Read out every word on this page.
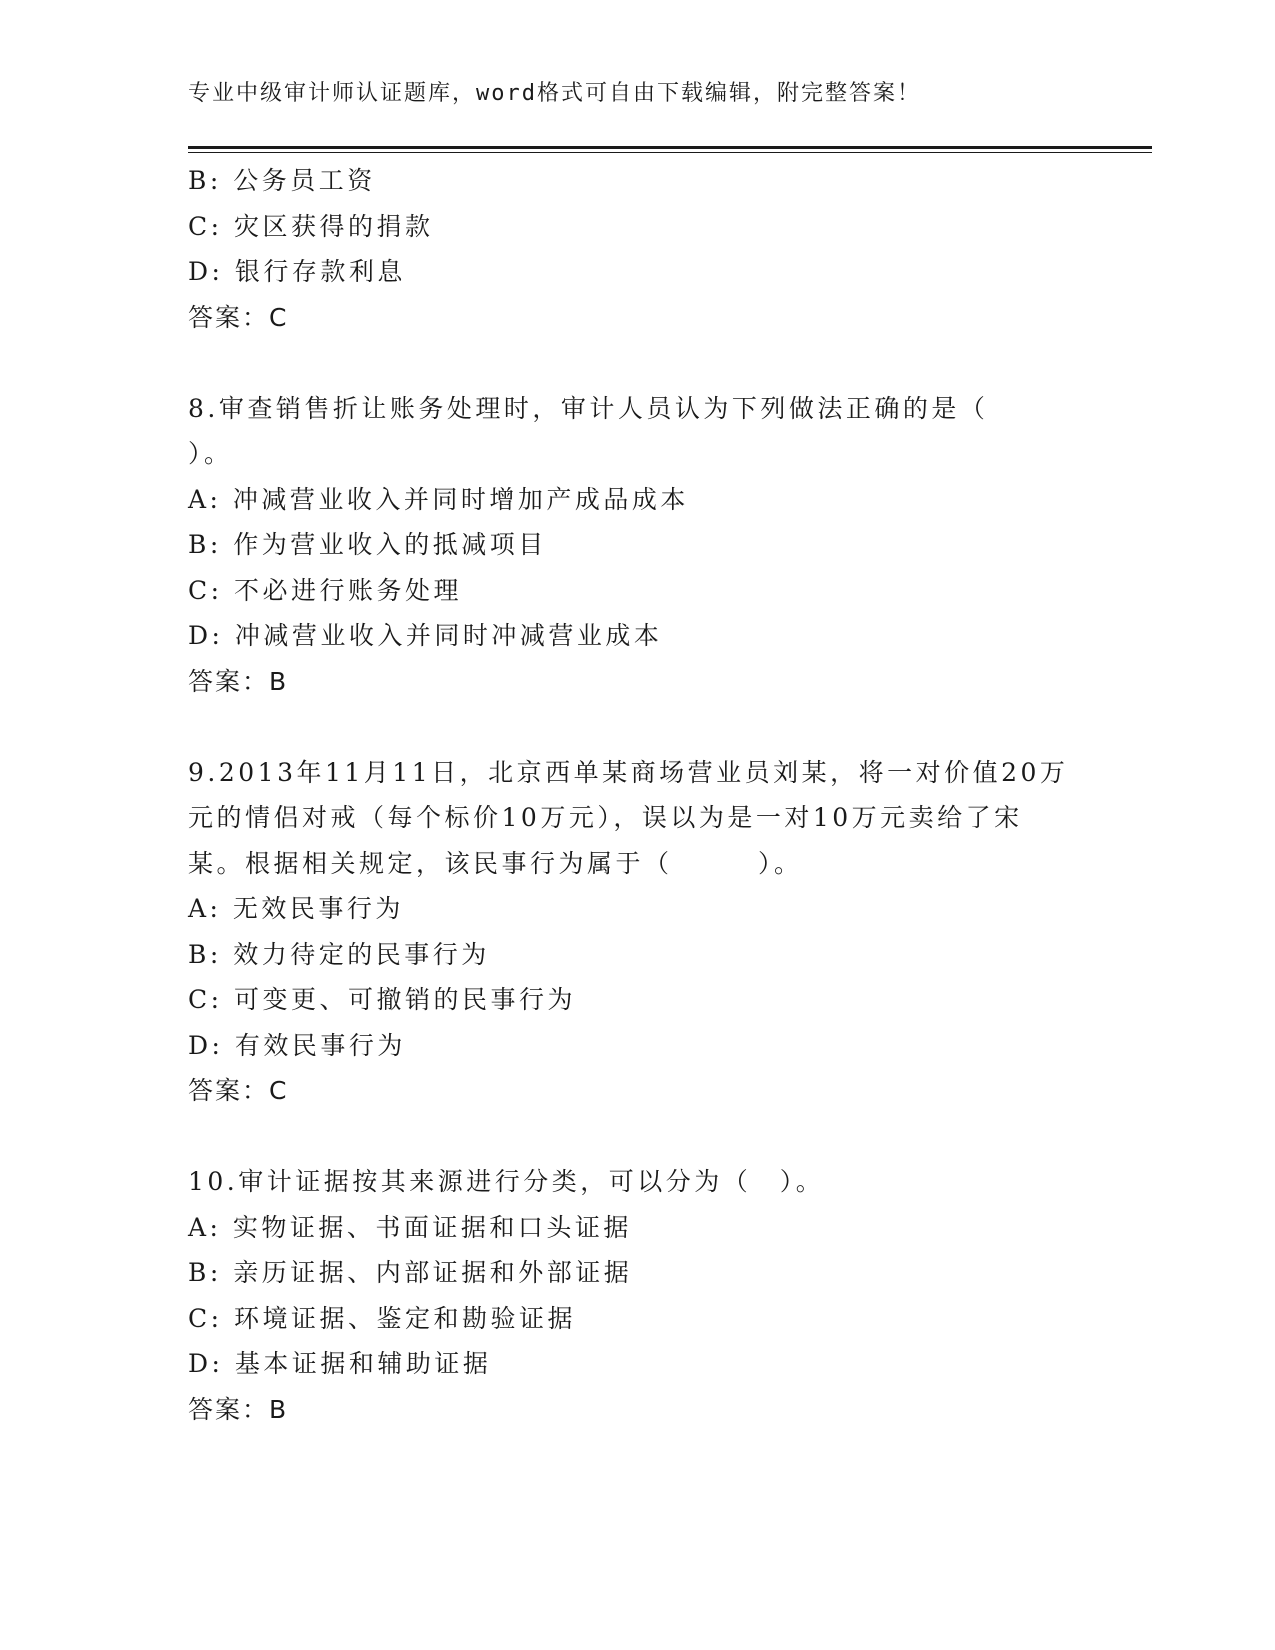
专业中级审计师认证题库，word格式可自由下载编辑，附完整答案！
B: 公务员工资
C: 灾区获得的捐款
D: 银行存款利息
答案：C
8.审查销售折让账务处理时，审计人员认为下列做法正确的是（
）。
A: 冲减营业收入并同时增加产成品成本
B: 作为营业收入的抵减项目
C: 不必进行账务处理
D: 冲减营业收入并同时冲减营业成本
答案：B
9.2013年11月11日，北京西单某商场营业员刘某，将一对价值20万
元的情侣对戒（每个标价10万元），误以为是一对10万元卖给了宋
某。根据相关规定，该民事行为属于（　　　）。
A: 无效民事行为
B: 效力待定的民事行为
C: 可变更、可撤销的民事行为
D: 有效民事行为
答案：C
10.审计证据按其来源进行分类，可以分为（　）。
A: 实物证据、书面证据和口头证据
B: 亲历证据、内部证据和外部证据
C: 环境证据、鉴定和勘验证据
D: 基本证据和辅助证据
答案：B
